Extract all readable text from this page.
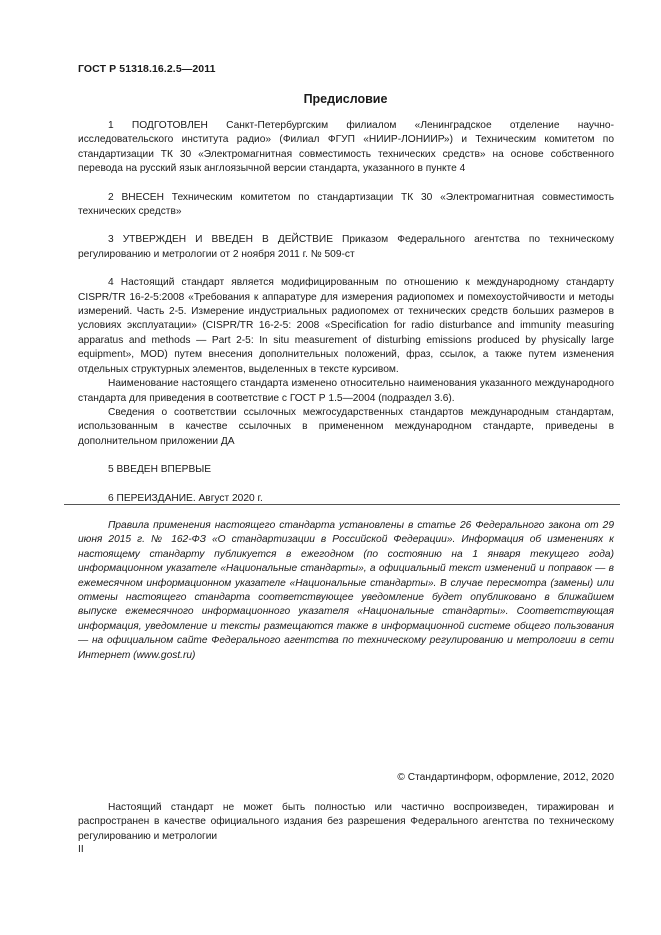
ГОСТ Р 51318.16.2.5—2011
Предисловие

1 ПОДГОТОВЛЕН Санкт-Петербургским филиалом «Ленинградское отделение научно-исследовательского института радио» (Филиал ФГУП «НИИР-ЛОНИИР») и Техническим комитетом по стандартизации ТК 30 «Электромагнитная совместимость технических средств» на основе собственного перевода на русский язык англоязычной версии стандарта, указанного в пункте 4

2 ВНЕСЕН Техническим комитетом по стандартизации ТК 30 «Электромагнитная совместимость технических средств»

3 УТВЕРЖДЕН И ВВЕДЕН В ДЕЙСТВИЕ Приказом Федерального агентства по техническому регулированию и метрологии от 2 ноября 2011 г. № 509-ст

4 Настоящий стандарт является модифицированным по отношению к международному стандарту CISPR/TR 16-2-5:2008 «Требования к аппаратуре для измерения радиопомех и помехоустойчивости и методы измерений. Часть 2-5. Измерение индустриальных радиопомех от технических средств больших размеров в условиях эксплуатации» (CISPR/TR 16-2-5: 2008 «Specification for radio disturbance and immunity measuring apparatus and methods — Part 2-5: In situ measurement of disturbing emissions produced by physically large equipment», MOD) путем внесения дополнительных положений, фраз, ссылок, а также путем изменения отдельных структурных элементов, выделенных в тексте курсивом.

Наименование настоящего стандарта изменено относительно наименования указанного международного стандарта для приведения в соответствие с ГОСТ Р 1.5—2004 (подраздел 3.6).

Сведения о соответствии ссылочных межгосударственных стандартов международным стандартам, использованным в качестве ссылочных в примененном международном стандарте, приведены в дополнительном приложении ДА

5 ВВЕДЕН ВПЕРВЫЕ

6 ПЕРЕИЗДАНИЕ. Август 2020 г.

Правила применения настоящего стандарта установлены в статье 26 Федерального закона от 29 июня 2015 г. № 162-ФЗ «О стандартизации в Российской Федерации». Информация об изменениях к настоящему стандарту публикуется в ежегодном (по состоянию на 1 января текущего года) информационном указателе «Национальные стандарты», а официальный текст изменений и поправок — в ежемесячном информационном указателе «Национальные стандарты». В случае пересмотра (замены) или отмены настоящего стандарта соответствующее уведомление будет опубликовано в ближайшем выпуске ежемесячного информационного указателя «Национальные стандарты». Соответствующая информация, уведомление и тексты размещаются также в информационной системе общего пользования — на официальном сайте Федерального агентства по техническому регулированию и метрологии в сети Интернет (www.gost.ru)

© Стандартинформ, оформление, 2012, 2020

Настоящий стандарт не может быть полностью или частично воспроизведен, тиражирован и распространен в качестве официального издания без разрешения Федерального агентства по техническому регулированию и метрологии

II
